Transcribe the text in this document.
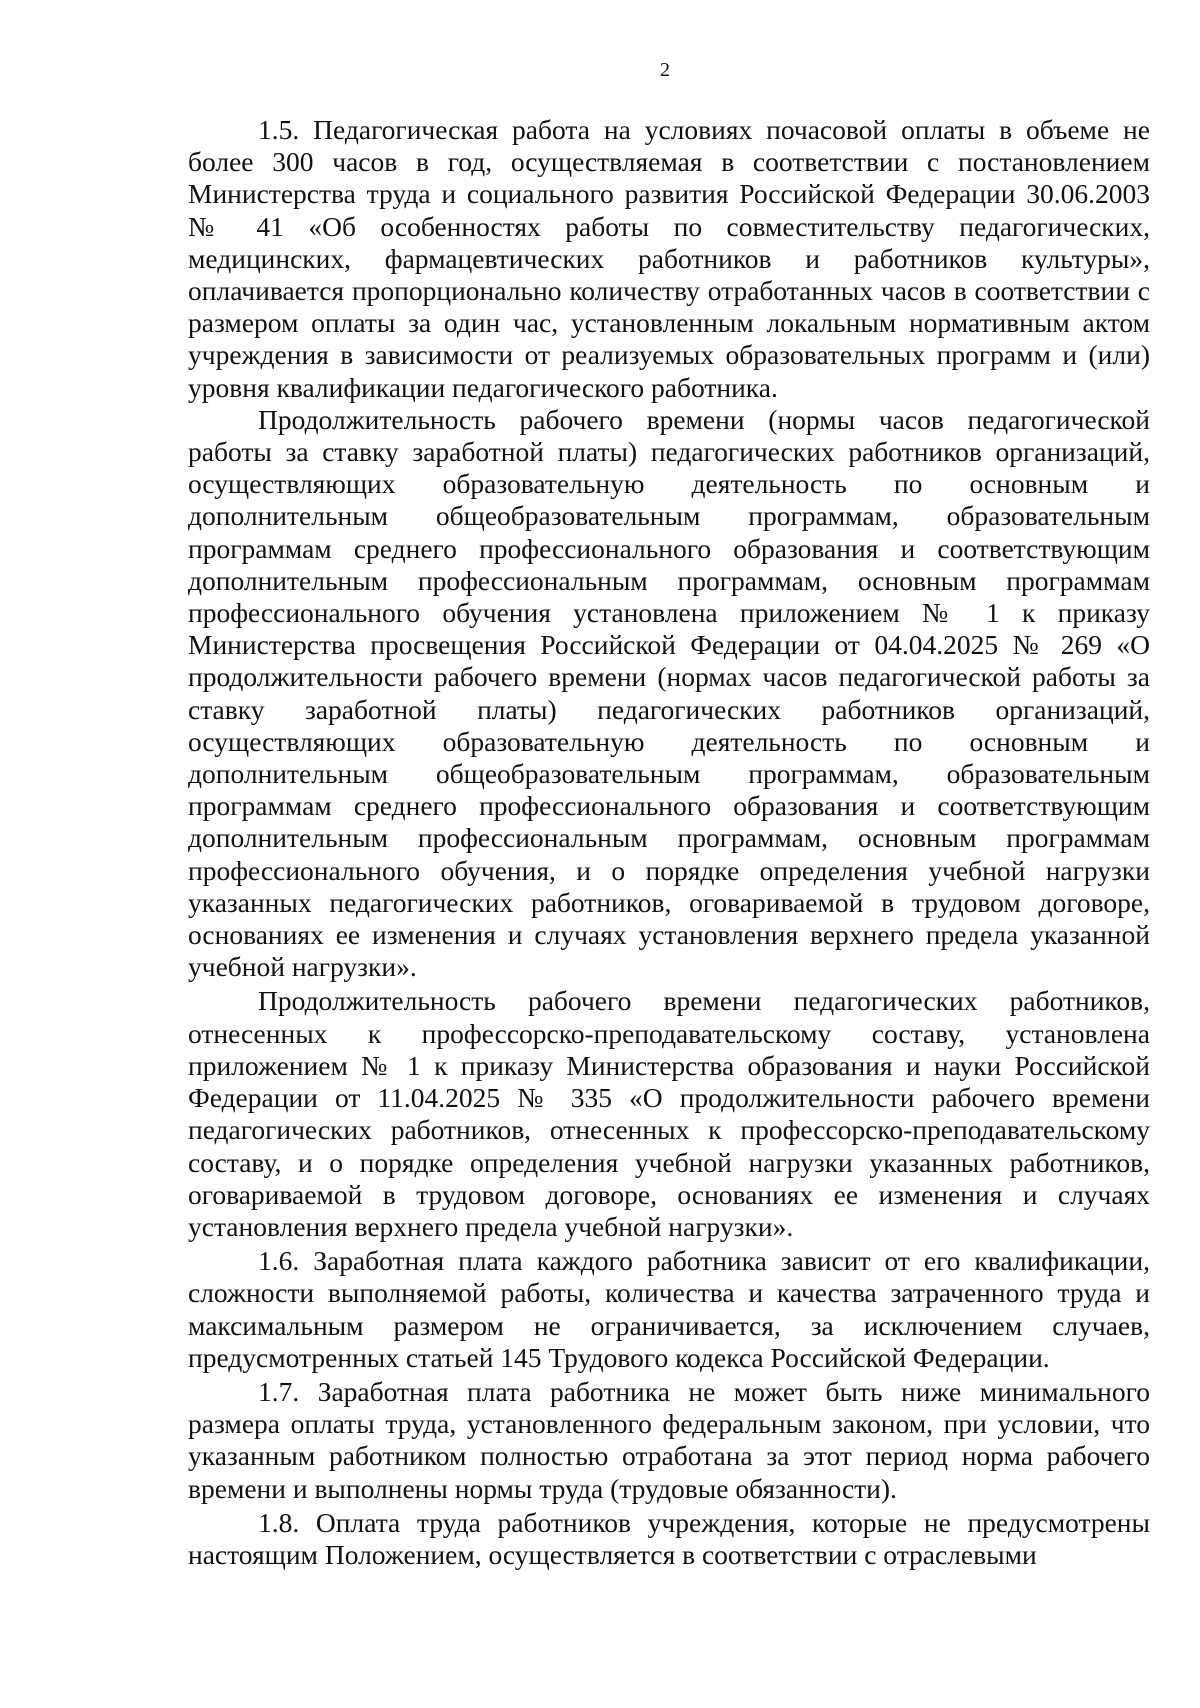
2

1.5. Педагогическая работа на условиях почасовой оплаты в объеме не более 300 часов в год, осуществляемая в соответствии с постановлением Министерства труда и социального развития Российской Федерации 30.06.2003 № 41 «Об особенностях работы по совместительству педагогических, медицинских, фармацевтических работников и работников культуры», оплачивается пропорционально количеству отработанных часов в соответствии с размером оплаты за один час, установленным локальным нормативным актом учреждения в зависимости от реализуемых образовательных программ и (или) уровня квалификации педагогического работника.

Продолжительность рабочего времени (нормы часов педагогической работы за ставку заработной платы) педагогических работников организаций, осуществляющих образовательную деятельность по основным и дополнительным общеобразовательным программам, образовательным программам среднего профессионального образования и соответствующим дополнительным профессиональным программам, основным программам профессионального обучения установлена приложением № 1 к приказу Министерства просвещения Российской Федерации от 04.04.2025 № 269 «О продолжительности рабочего времени (нормах часов педагогической работы за ставку заработной платы) педагогических работников организаций, осуществляющих образовательную деятельность по основным и дополнительным общеобразовательным программам, образовательным программам среднего профессионального образования и соответствующим дополнительным профессиональным программам, основным программам профессионального обучения, и о порядке определения учебной нагрузки указанных педагогических работников, оговариваемой в трудовом договоре, основаниях ее изменения и случаях установления верхнего предела указанной учебной нагрузки».

Продолжительность рабочего времени педагогических работников, отнесенных к профессорско-преподавательскому составу, установлена приложением № 1 к приказу Министерства образования и науки Российской Федерации от 11.04.2025 № 335 «О продолжительности рабочего времени педагогических работников, отнесенных к профессорско-преподавательскому составу, и о порядке определения учебной нагрузки указанных работников, оговариваемой в трудовом договоре, основаниях ее изменения и случаях установления верхнего предела учебной нагрузки».

1.6. Заработная плата каждого работника зависит от его квалификации, сложности выполняемой работы, количества и качества затраченного труда и максимальным размером не ограничивается, за исключением случаев, предусмотренных статьей 145 Трудового кодекса Российской Федерации.

1.7. Заработная плата работника не может быть ниже минимального размера оплаты труда, установленного федеральным законом, при условии, что указанным работником полностью отработана за этот период норма рабочего времени и выполнены нормы труда (трудовые обязанности).

1.8. Оплата труда работников учреждения, которые не предусмотрены настоящим Положением, осуществляется в соответствии с отраслевыми
